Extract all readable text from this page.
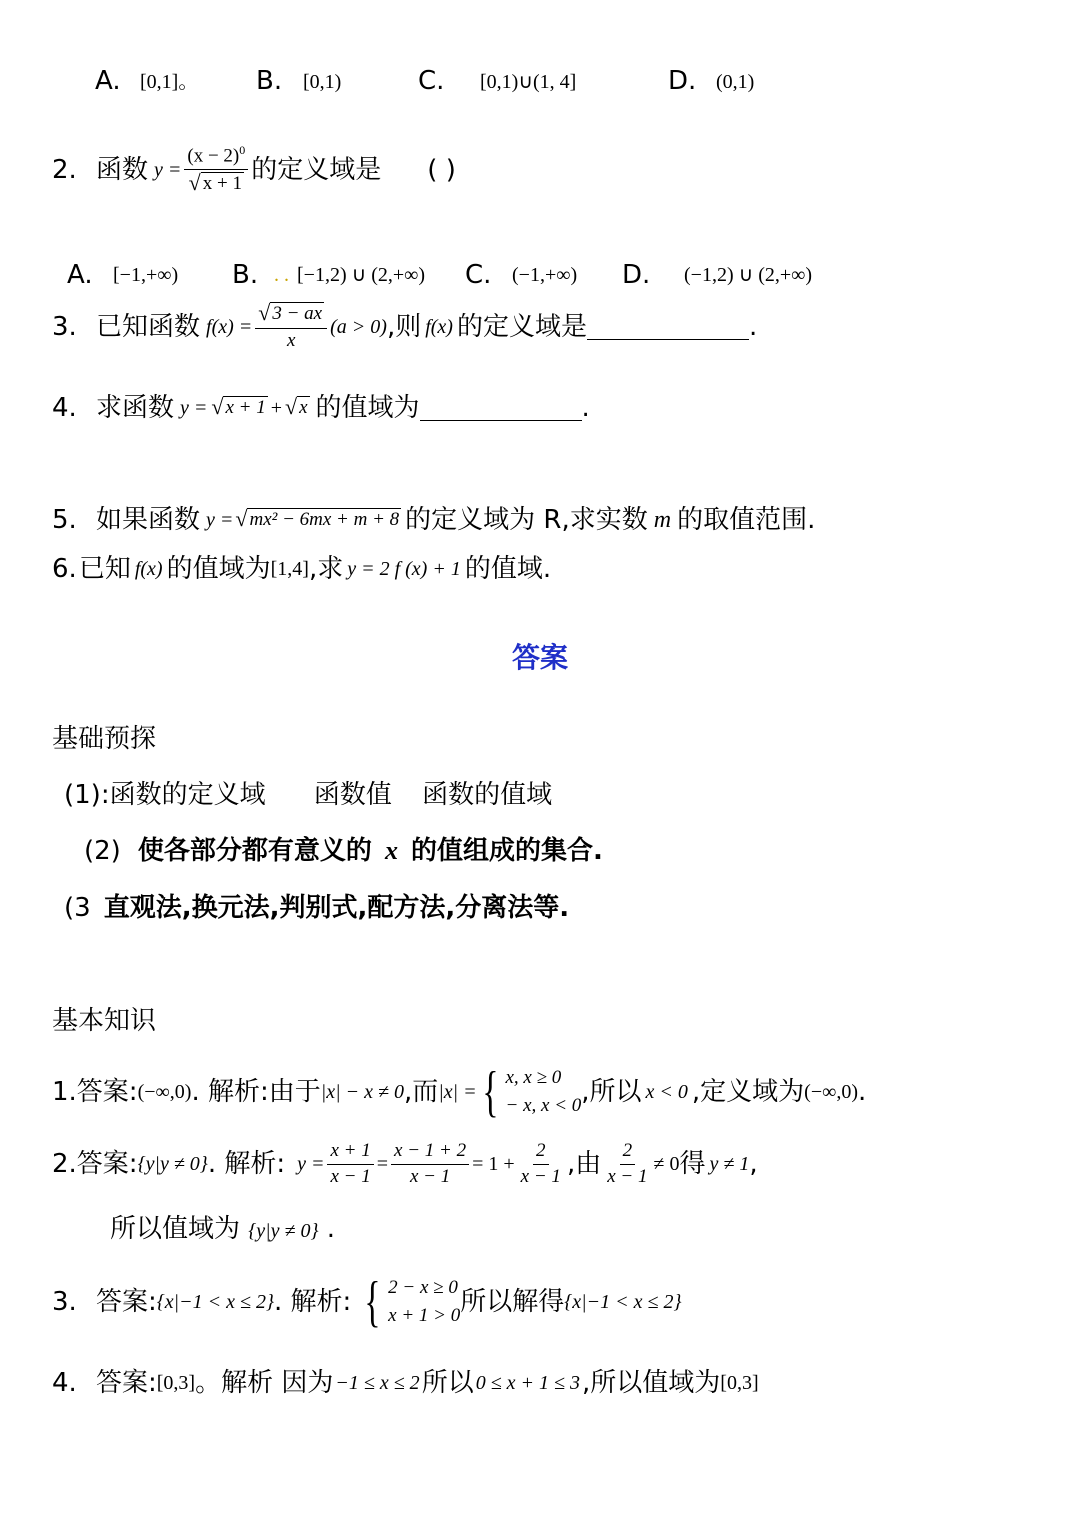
A. [0,1]。 B. [0,1)	C. [0,1)∪(1, 4]	D. (0,1)
2. 函数 $y = \frac{(x - 2)^0}{√ x + 1}$ 的定义域是 ( )
A. [−1,+∞) B. . . [−1,2) ∪ (2,+∞) C. (−1,+∞) D. (−1,2) ∪ (2,+∞)
3. 已知函数 $f(x) = \frac{√ 3 - ax}{x} (a > 0)$ ,则 f(x) 的定义域是	.
4. 求函数 y = √ x + 1 + √ x 的值域为	.
5. 如果函数 y = √ mx² − 6mx + m + 8 的定义域为 R,求实数 m 的取值范围.
6. 已知 f(x) 的值域为 [1,4] ,求 y = 2 f (x) + 1 的值域.
答案
基础预探
(1):函数的定义域 函数值 函数的值域
(2) 使各部分都有意义的 x 的值组成的集合.
(3 直观法,换元法,判别式,配方法,分离法等.
基本知识
1.答案: (−∞,0) . 解析:由于 |x| − x ≠ 0 ,而 |x| = { x, x ≥ 0
− x, x < 0 ,所以 x < 0 ,定义域为 (−∞,0) .
2.答案: {y|y ≠ 0} . 解析: $y = \frac{x + 1}{x - 1} = \frac{x - 1 + 2}{x - 1} = 1 + \frac{2}{x - 1}$ ,由 $\frac{2}{x - 1} \ne 0$ 得 y ≠ 1 ,
所以值域为 {y|y ≠ 0} .
3. 答案: {x|−1 < x ≤ 2} . 解析: { 2 − x ≥ 0
x + 1 > 0 所以解得 {x|−1 < x ≤ 2}
4. 答案: [0,3] 。解析 因为 −1 ≤ x ≤ 2 所以 0 ≤ x + 1 ≤ 3 ,所以值域为 [0,3]
